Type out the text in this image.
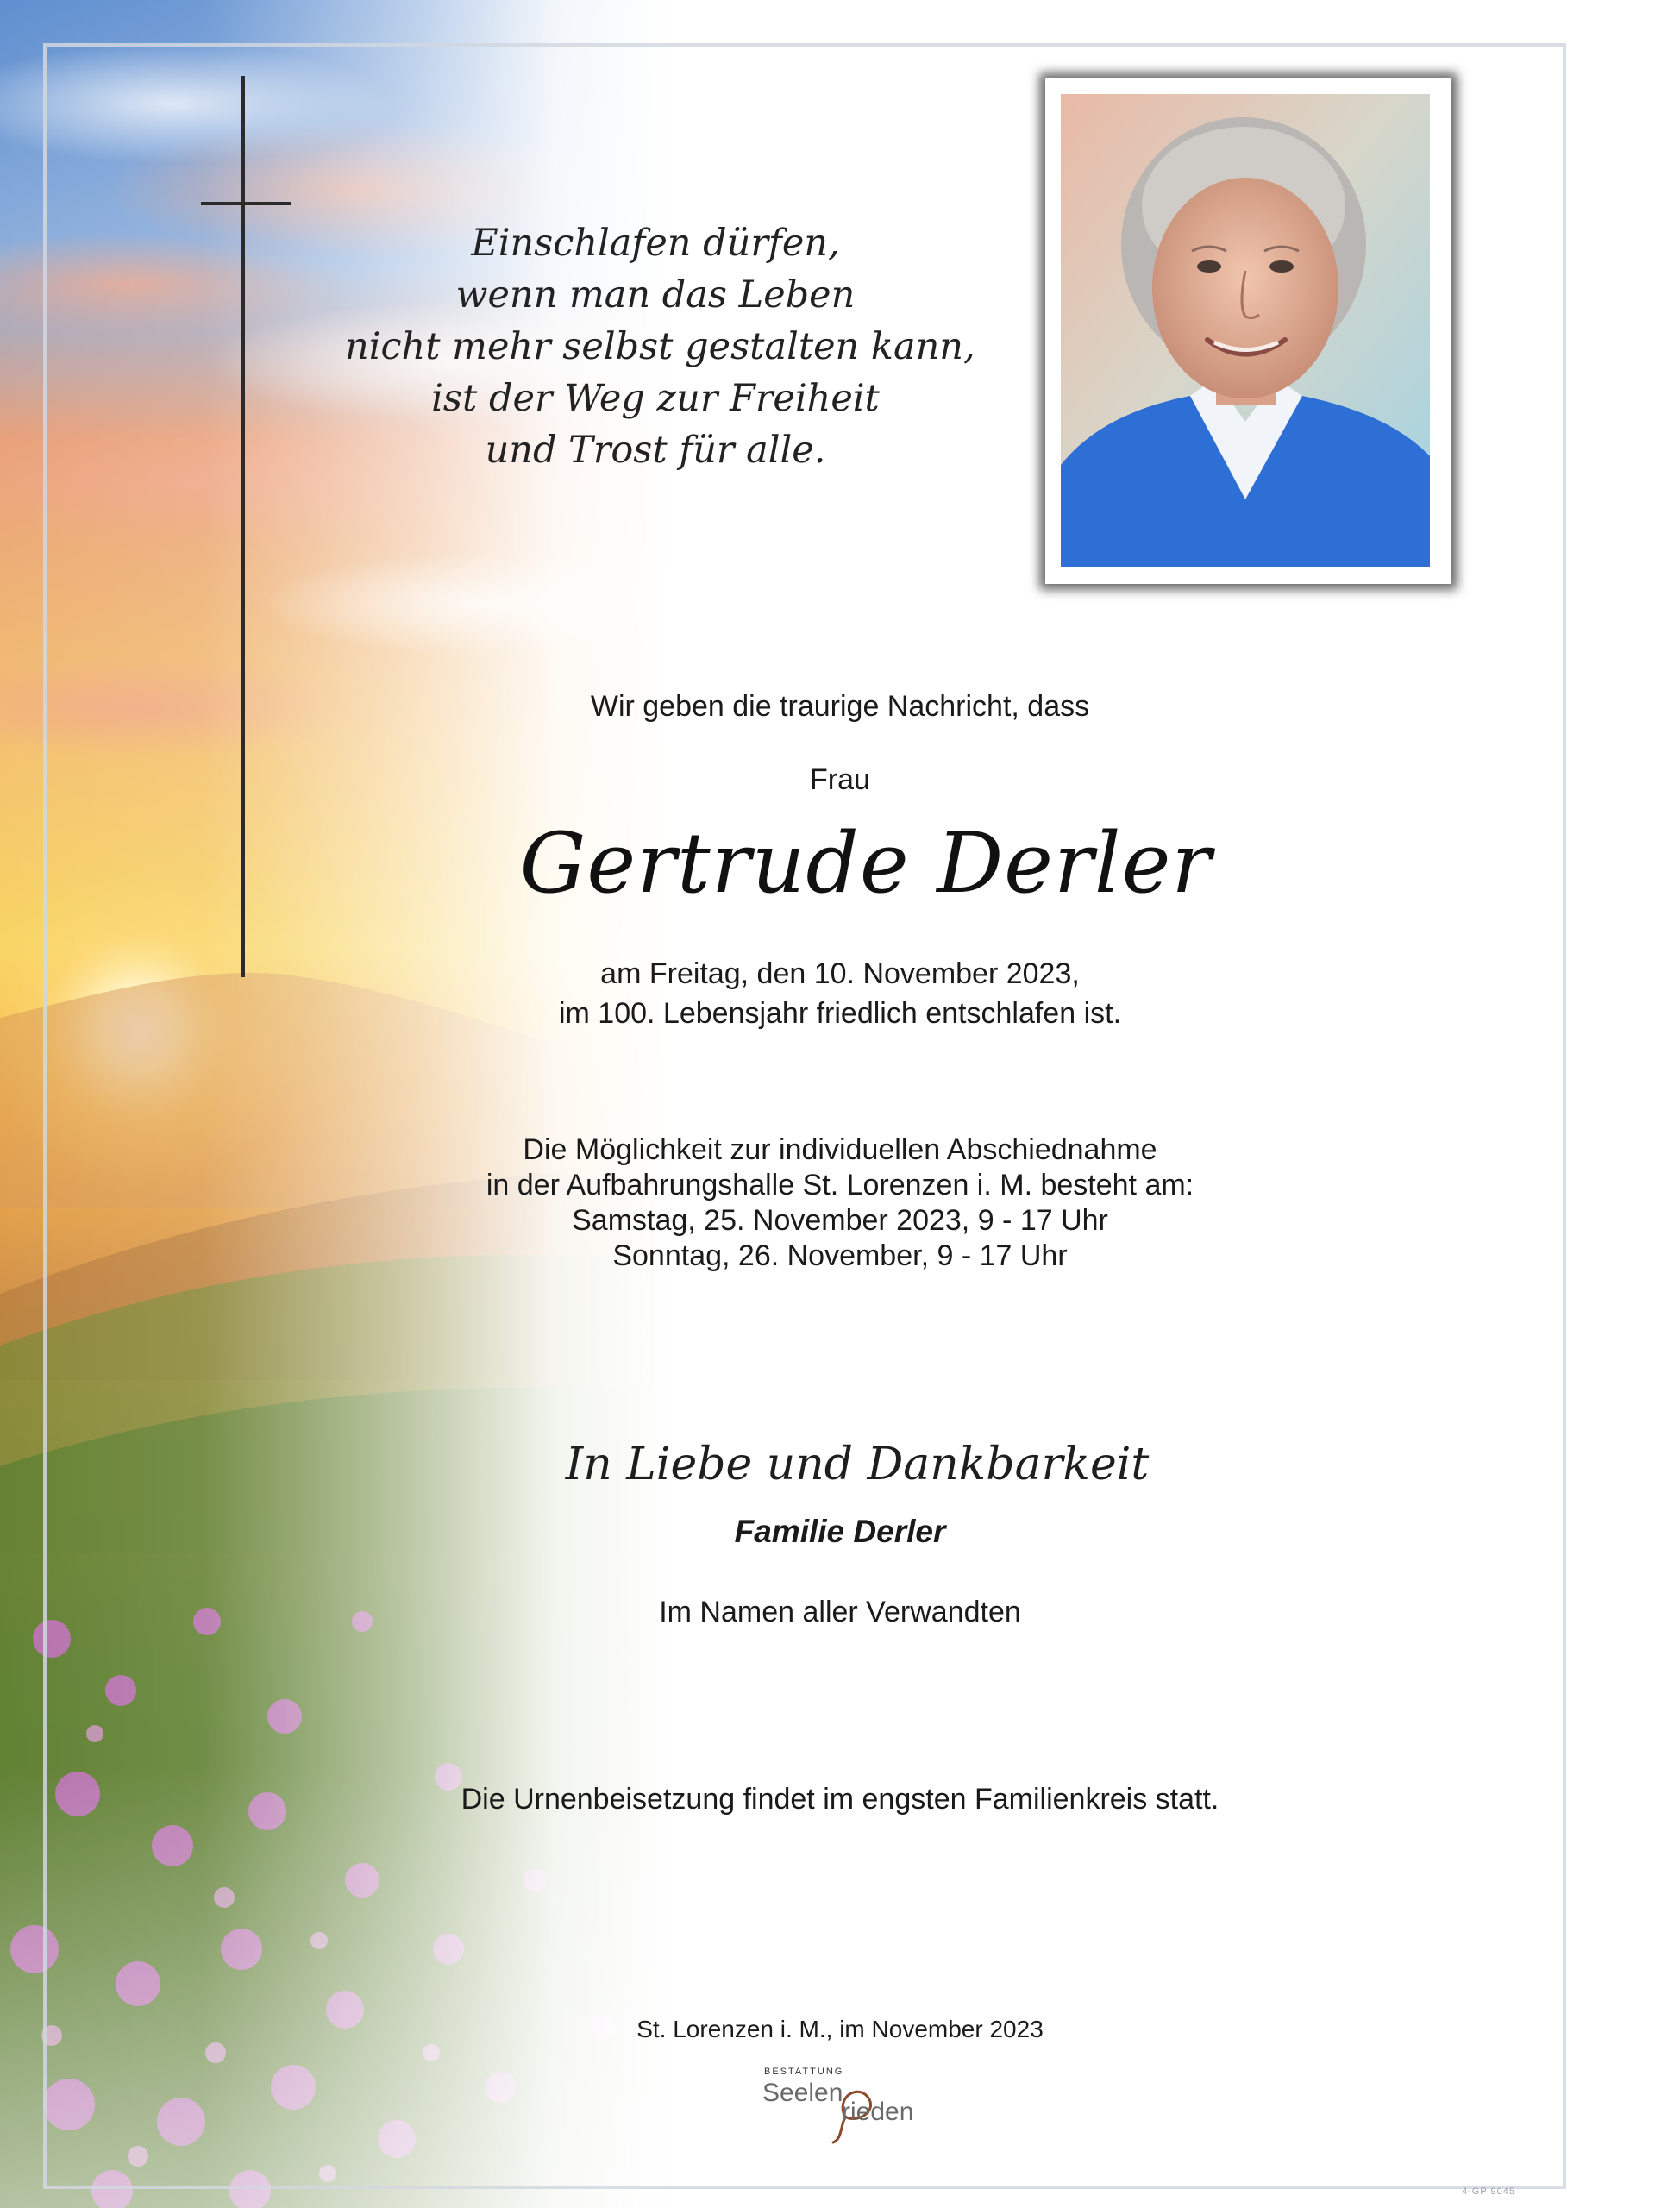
Einschlafen dürfen,
wenn man das Leben
nicht mehr selbst gestalten kann,
ist der Weg zur Freiheit
und Trost für alle.
Wir geben die traurige Nachricht, dass
Frau
Gertrude Derler
am Freitag, den 10. November 2023,
im 100. Lebensjahr friedlich entschlafen ist.
Die Möglichkeit zur individuellen Abschiednahme
in der Aufbahrungshalle St. Lorenzen i. M. besteht am:
Samstag, 25. November 2023, 9 - 17 Uhr
Sonntag, 26. November, 9 - 17 Uhr
In Liebe und Dankbarkeit
Familie Derler
Im Namen aller Verwandten
Die Urnenbeisetzung findet im engsten Familienkreis statt.
St. Lorenzen i. M., im November 2023
BESTATTUNG
Seelen
rieden
4-GP 9045
